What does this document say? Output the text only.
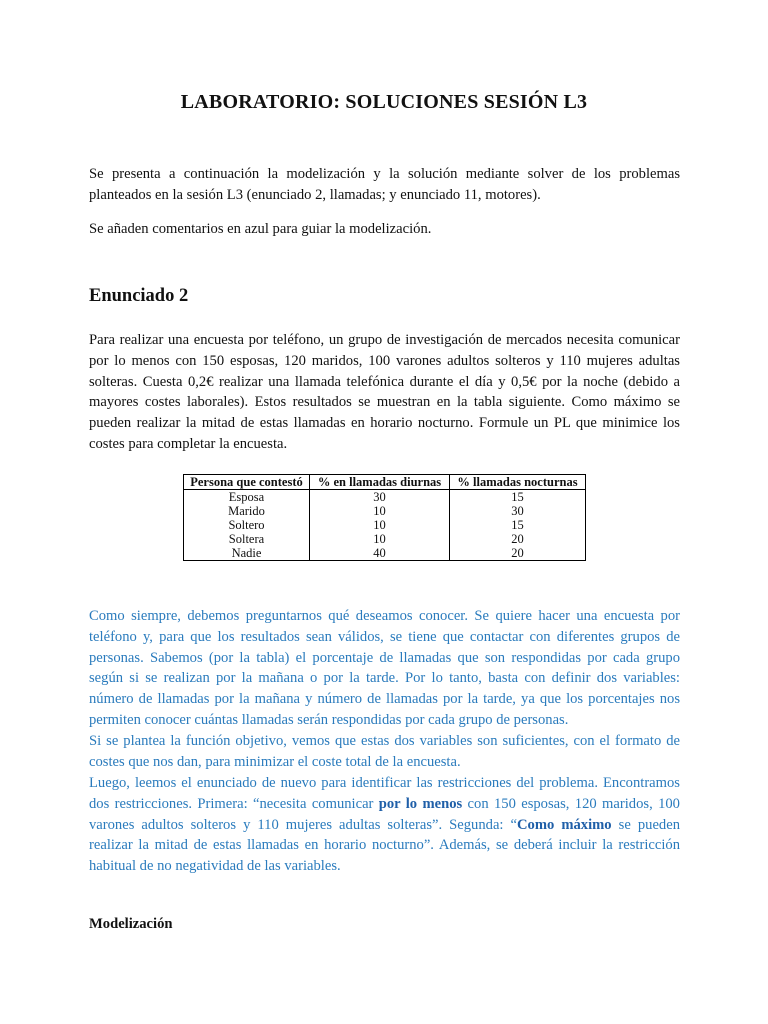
LABORATORIO: SOLUCIONES SESIÓN L3

Se presenta a continuación la modelización y la solución mediante solver de los problemas planteados en la sesión L3 (enunciado 2, llamadas; y enunciado 11, motores).

Se añaden comentarios en azul para guiar la modelización.

Enunciado 2

Para realizar una encuesta por teléfono, un grupo de investigación de mercados necesita comunicar por lo menos con 150 esposas, 120 maridos, 100 varones adultos solteros y 110 mujeres adultas solteras. Cuesta 0,2€ realizar una llamada telefónica durante el día y 0,5€ por la noche (debido a mayores costes laborales). Estos resultados se muestran en la tabla siguiente. Como máximo se pueden realizar la mitad de estas llamadas en horario nocturno. Formule un PL que minimice los costes para completar la encuesta.

Persona que contestó	% en llamadas diurnas	% llamadas nocturnas
Esposa	30	15
Marido	10	30
Soltero	10	15
Soltera	10	20
Nadie	40	20

Como siempre, debemos preguntarnos qué deseamos conocer. Se quiere hacer una encuesta por teléfono y, para que los resultados sean válidos, se tiene que contactar con diferentes grupos de personas. Sabemos (por la tabla) el porcentaje de llamadas que son respondidas por cada grupo según si se realizan por la mañana o por la tarde. Por lo tanto, basta con definir dos variables: número de llamadas por la mañana y número de llamadas por la tarde, ya que los porcentajes nos permiten conocer cuántas llamadas serán respondidas por cada grupo de personas.

Si se plantea la función objetivo, vemos que estas dos variables son suficientes, con el formato de costes que nos dan, para minimizar el coste total de la encuesta.

Luego, leemos el enunciado de nuevo para identificar las restricciones del problema. Encontramos dos restricciones. Primera: “necesita comunicar por lo menos con 150 esposas, 120 maridos, 100 varones adultos solteros y 110 mujeres adultas solteras”. Segunda: “Como máximo se pueden realizar la mitad de estas llamadas en horario nocturno”. Además, se deberá incluir la restricción habitual de no negatividad de las variables.

Modelización
